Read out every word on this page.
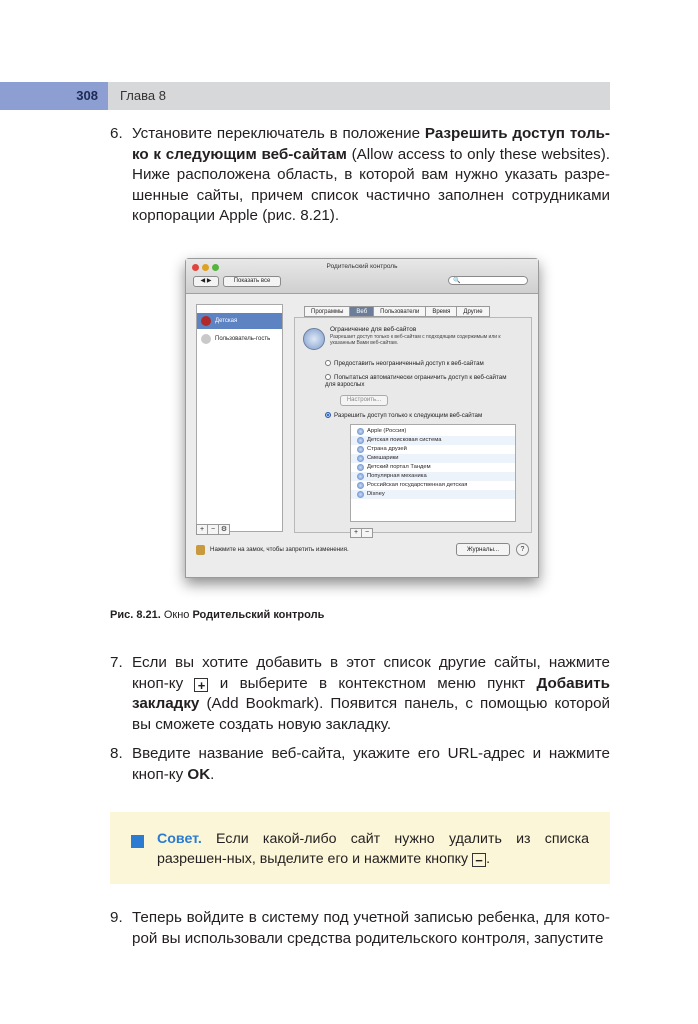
308 Глава 8
6. Установите переключатель в положение Разрешить доступ толь-ко к следующим веб-сайтам (Allow access to only these websites). Ниже расположена область, в которой вам нужно указать разре-шенные сайты, причем список частично заполнен сотрудниками корпорации Apple (рис. 8.21).
Родительский контроль
◀ ▶	Показать все	🔍
Детская
Пользователь-гость
+ − ⚙
Программы	Веб	Пользователи	Время	Другие
Ограничение для веб-сайтов
Разрешает доступ только к веб-сайтам с подходящим содержимым или к указанным Вами веб-сайтам.
Предоставить неограниченный доступ к веб-сайтам
Попытаться автоматически ограничить доступ к веб-сайтам для взрослых
Настроить...
Разрешить доступ только к следующим веб-сайтам
Apple (Россия)
Детская поисковая система
Страна друзей
Смешарики
Детский портал Тандем
Популярная механика
Российская государственная детская
Disney
+ −
Нажмите на замок, чтобы запретить изменения.	Журналы...	?
Рис. 8.21. Окно Родительский контроль
7. Если вы хотите добавить в этот список другие сайты, нажмите кноп-ку + и выберите в контекстном меню пункт Добавить закладку (Add Bookmark). Появится панель, с помощью которой вы сможете создать новую закладку.
8. Введите название веб-сайта, укажите его URL-адрес и нажмите кноп-ку OK.
Совет. Если какой-либо сайт нужно удалить из списка разрешен-ных, выделите его и нажмите кнопку − .
9. Теперь войдите в систему под учетной записью ребенка, для кото-рой вы использовали средства родительского контроля, запустите
